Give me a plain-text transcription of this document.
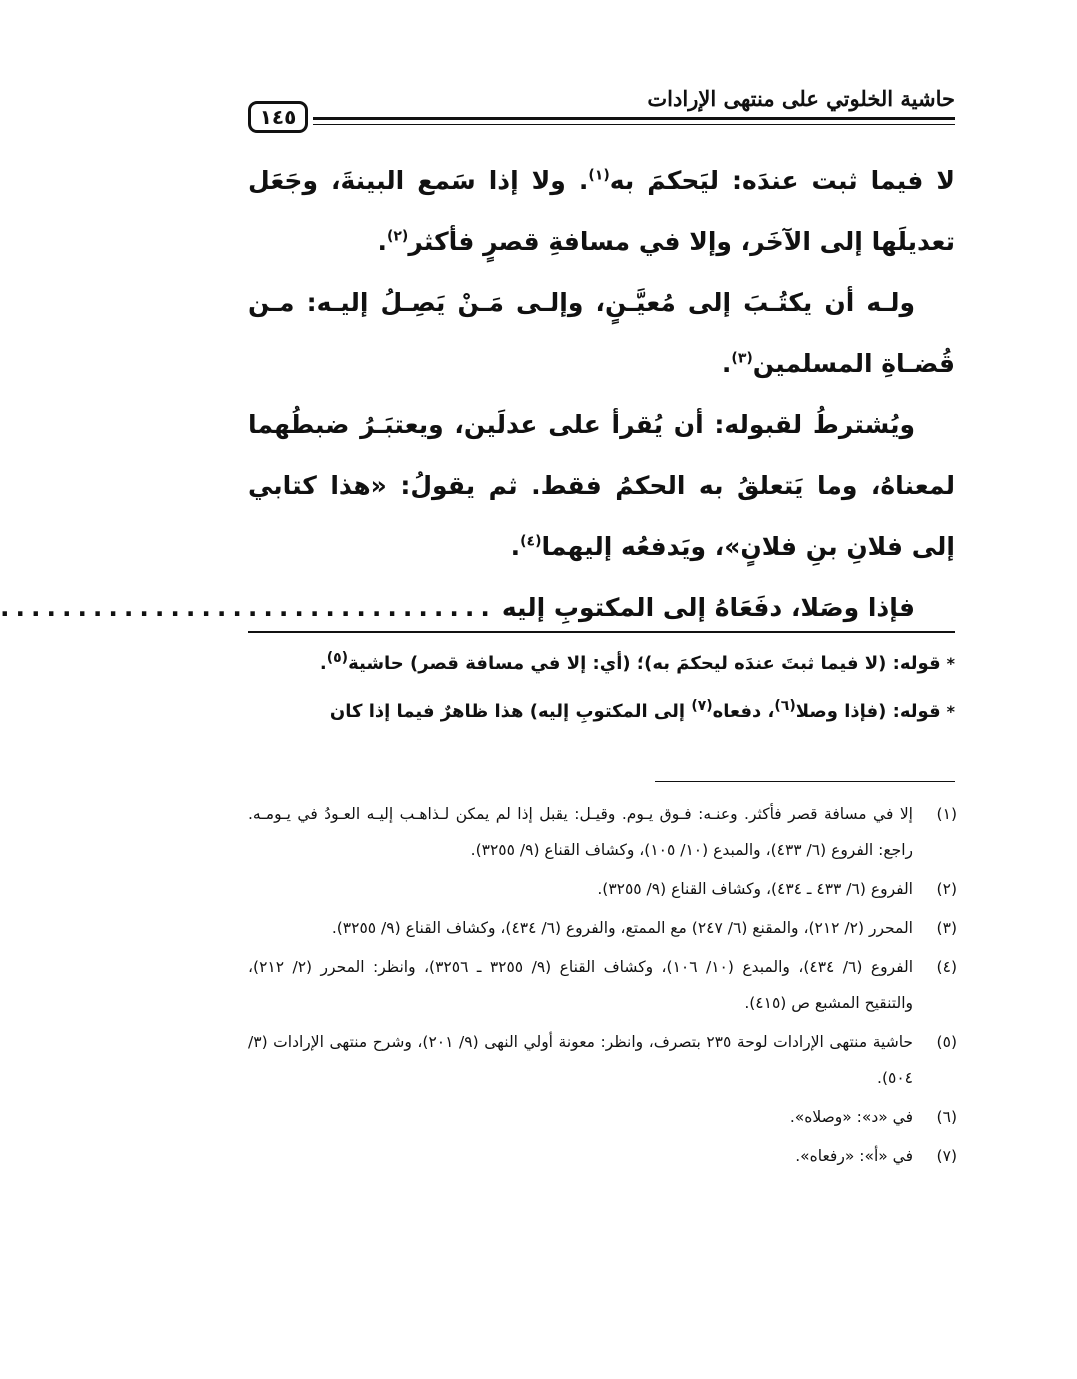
حاشية الخلوتي على منتهى الإرادات
١٤٥

لا فيما ثبت عندَه: ليَحكمَ به$^{(١)}$. ولا إذا سَمع البينةَ، وجَعَل تعديلَها إلى الآخَر، وإلا في مسافةِ قصرٍ فأكثر$^{(٢)}$.

ولـه أن يكتُـبَ إلى مُعيَّـنٍ، وإلـى مَـنْ يَصِـلُ إليـه: مـن قُضـاةِ المسلمين$^{(٣)}$.

ويُشترطُ لقبوله: أن يُقرأ على عدلَين، ويعتبَـرُ ضبطُهما لمعناهُ، وما يَتعلقُ به الحكمُ فقط. ثم يقولُ: «هذا كتابي إلى فلانِ بنِ فلانٍ»، ويَدفعُه إليهما$^{(٤)}$.

فإذا وصَلا، دفَعَاهُ إلى المكتوبِ إليه
................................

*قوله: (لا فيما ثبتَ عندَه ليحكمَ به)؛ (أي: إلا في مسافة قصر) حاشية$^{(٥)}$.

*قوله: (فإذا وصلا$^{(٦)}$، دفعاه$^{(٧)}$ إلى المكتوبِ إليه) هذا ظاهرٌ فيما إذا كان

(١)
إلا في مسافة قصر فأكثر. وعنـه: فـوق يـوم. وقيـل: يقبل إذا لم يمكن لـذاهـب إليـه العـودُ في يـومـه. راجع: الفروع (٦/ ٤٣٣)، والمبدع (١٠/ ١٠٥)، وكشاف القناع (٩/ ٣٢٥٥).
(٢)
الفروع (٦/ ٤٣٣ ـ ٤٣٤)، وكشاف القناع (٩/ ٣٢٥٥).
(٣)
المحرر (٢/ ٢١٢)، والمقنع (٦/ ٢٤٧) مع الممتع، والفروع (٦/ ٤٣٤)، وكشاف القناع (٩/ ٣٢٥٥).
(٤)
الفروع (٦/ ٤٣٤)، والمبدع (١٠/ ١٠٦)، وكشاف القناع (٩/ ٣٢٥٥ ـ ٣٢٥٦)، وانظر: المحرر (٢/ ٢١٢)، والتنقيح المشبع ص (٤١٥).
(٥)
حاشية منتهى الإرادات لوحة ٢٣٥ بتصرف، وانظر: معونة أولي النهى (٩/ ٢٠١)، وشرح منتهى الإرادات (٣/ ٥٠٤).
(٦)
في «د»: «وصلاه».
(٧)
في «أ»: «رفعاه».
